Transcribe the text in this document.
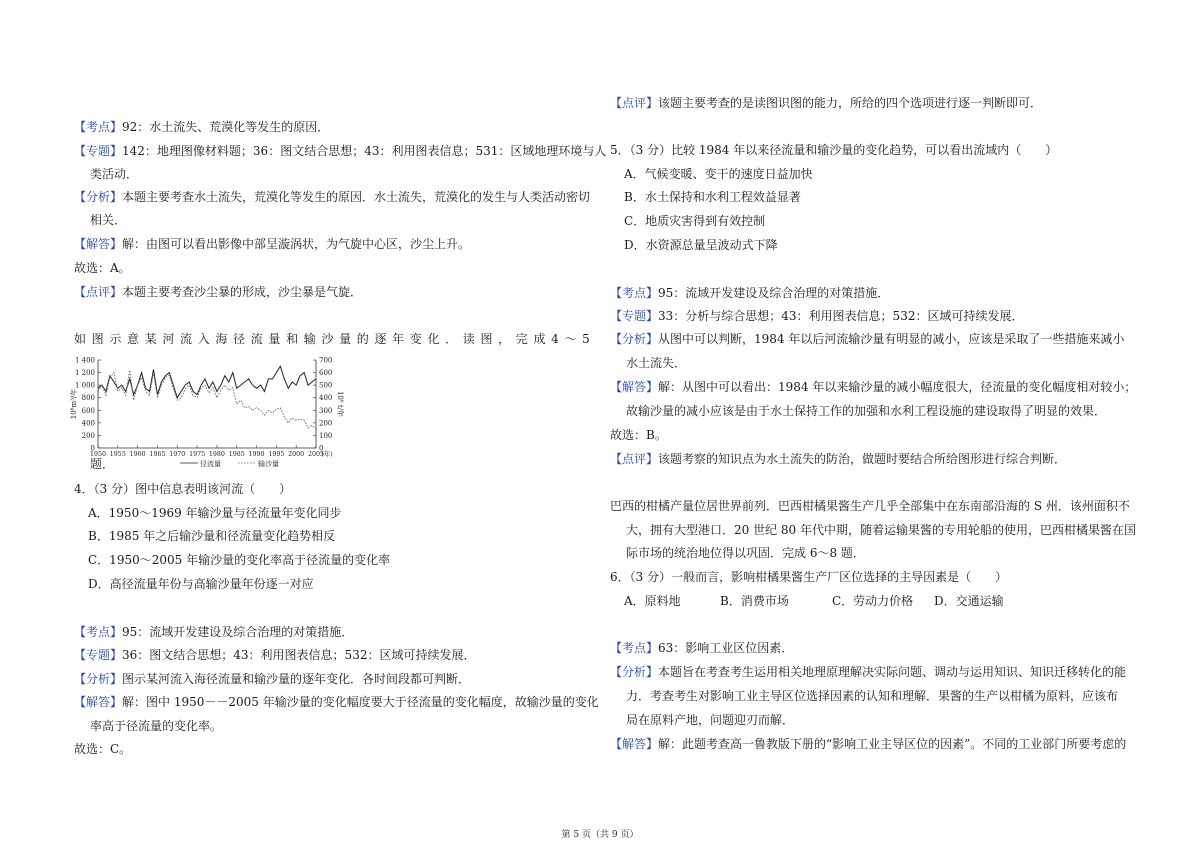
【考点】92：水土流失、荒漠化等发生的原因．
【专题】142：地理图像材料题；36：图文结合思想；43：利用图表信息；531：区域地理环境与人
类活动．
【分析】本题主要考查水土流失，荒漠化等发生的原因．水土流失，荒漠化的发生与人类活动密切
相关．
【解答】解：由图可以看出影像中部呈漩涡状，为气旋中心区，沙尘上升。
故选：A。
【点评】本题主要考查沙尘暴的形成，沙尘暴是气旋．
如 图 示 意 某 河 流 入 海 径 流 量 和 输 沙 量 的 逐 年 变 化 ． 读 图 ， 完 成 4 ～ 5
题．
4．（3 分）图中信息表明该河流（　　）
A．1950～1969 年输沙量与径流量年变化同步
B．1985 年之后输沙量和径流量变化趋势相反
C．1950～2005 年输沙量的变化率高于径流量的变化率
D．高径流量年份与高输沙量年份逐一对应
【考点】95：流域开发建设及综合治理的对策措施．
【专题】36：图文结合思想；43：利用图表信息；532：区域可持续发展．
【分析】图示某河流入海径流量和输沙量的逐年变化．各时间段都可判断．
【解答】解：图中 1950－－2005 年输沙量的变化幅度要大于径流量的变化幅度，故输沙量的变化
率高于径流量的变化率。
故选：C。
0
200
400
600
800
1 000
1 200
1 400
0
100
200
300
400
500
600
700
1950 1955 1960 1965 1970 1975 1980 1985 1990 1995 2000 2005
(年)
10⁸m³/年	10⁶ t/年
径流量	输沙量
【点评】该题主要考查的是读图识图的能力，所给的四个选项进行逐一判断即可．
5．（3 分）比较 1984 年以来径流量和输沙量的变化趋势，可以看出流域内（　　）
A．气候变暖、变干的速度日益加快
B．水土保持和水利工程效益显著
C．地质灾害得到有效控制
D．水资源总量呈波动式下降
【考点】95：流域开发建设及综合治理的对策措施．
【专题】33：分析与综合思想；43：利用图表信息；532：区域可持续发展．
【分析】从图中可以判断，1984 年以后河流输沙量有明显的减小，应该是采取了一些措施来减小
水土流失．
【解答】解：从图中可以看出：1984 年以来输沙量的减小幅度很大，径流量的变化幅度相对较小；
故输沙量的减小应该是由于水土保持工作的加强和水利工程设施的建设取得了明显的效果．
故选：B。
【点评】该题考察的知识点为水土流失的防治，做题时要结合所给图形进行综合判断．
巴西的柑橘产量位居世界前列．巴西柑橘果酱生产几乎全部集中在东南部沿海的 S 州．该州面积不
大，拥有大型港口．20 世纪 80 年代中期，随着运输果酱的专用轮船的使用，巴西柑橘果酱在国
际市场的统治地位得以巩固．完成 6～8 题．
6．（3 分）一般而言，影响柑橘果酱生产厂区位选择的主导因素是（　　）
A．原料地	B．消费市场	C．劳动力价格 D．交通运输
【考点】63：影响工业区位因素．
【分析】本题旨在考查考生运用相关地理原理解决实际问题、调动与运用知识、知识迁移转化的能
力．考查考生对影响工业主导区位选择因素的认知和理解．果酱的生产以柑橘为原料，应该布
局在原料产地，问题迎刃而解．
【解答】解：此题考查高一鲁教版下册的“影响工业主导区位的因素”。不同的工业部门所要考虑的
第 5 页（共 9 页）
